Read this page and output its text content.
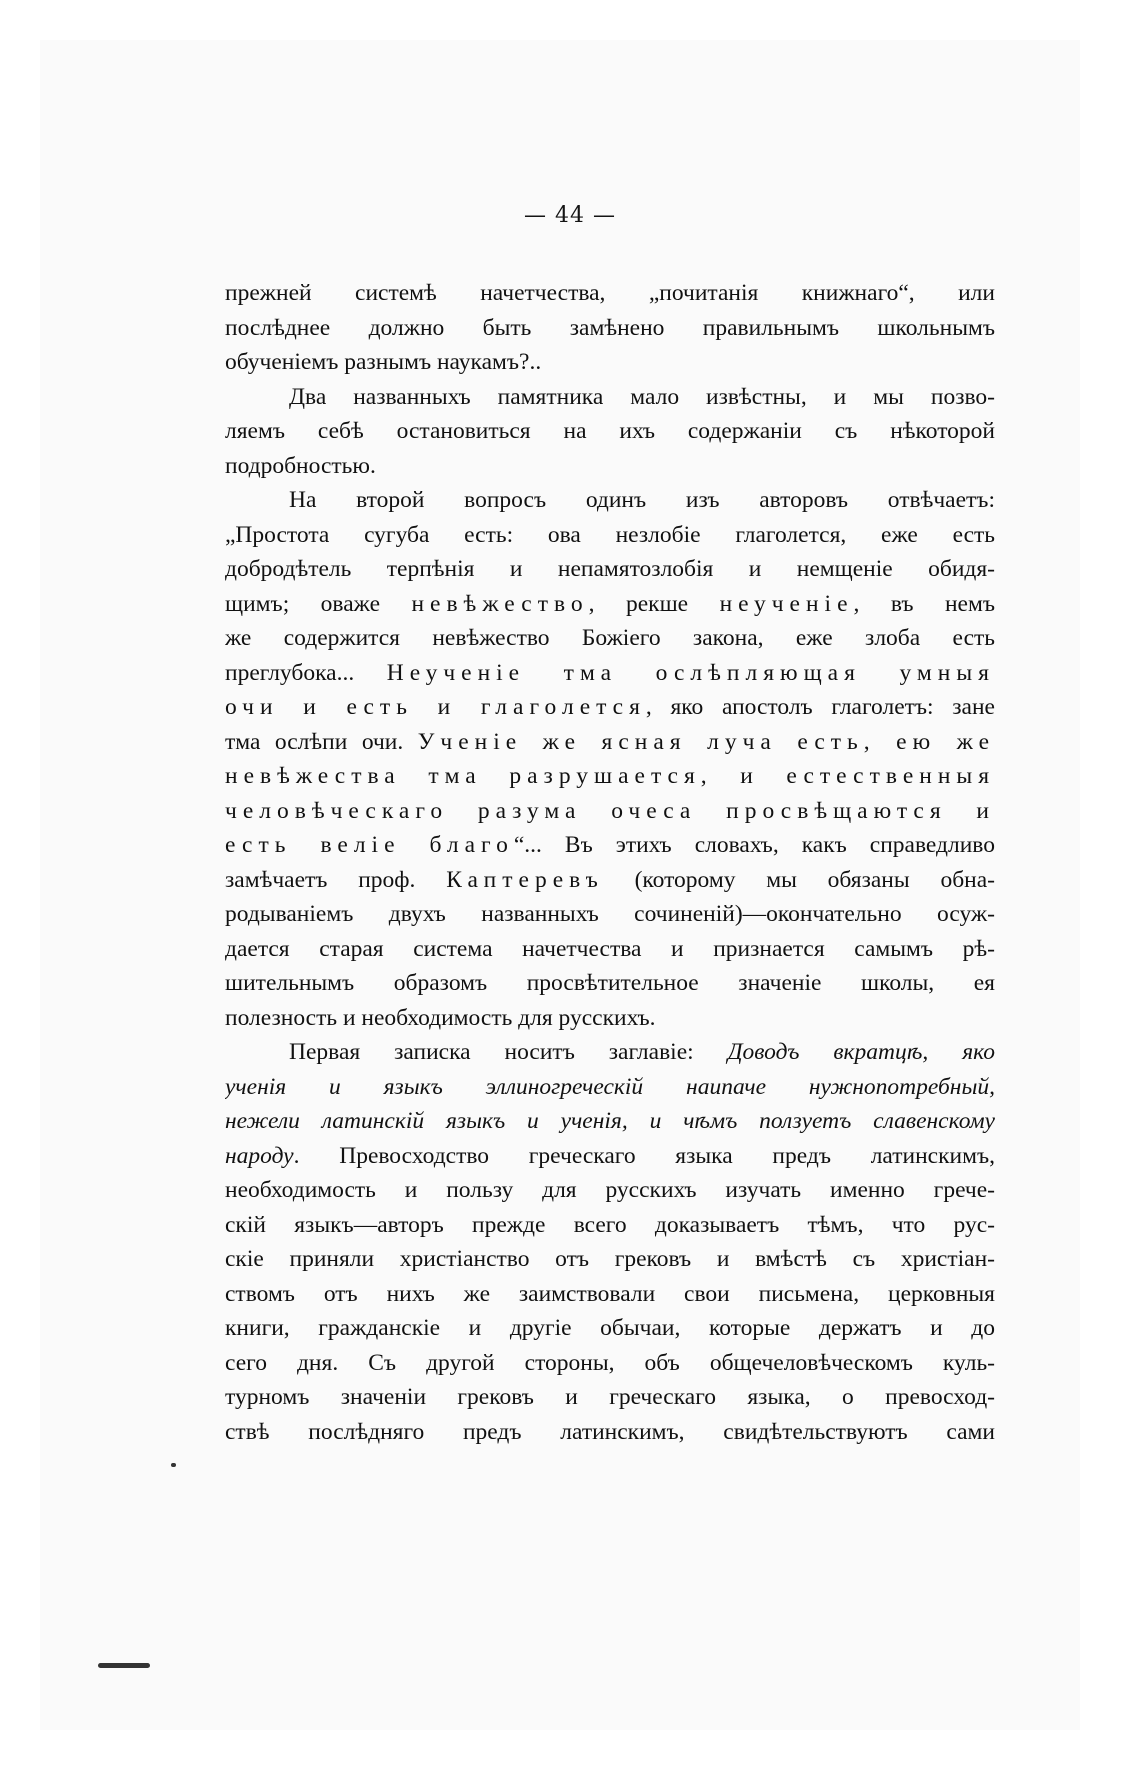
— 44 —
прежней системѣ начетчества, „почитанія книжнаго“, или
послѣднее должно быть замѣнено правильнымъ школьнымъ
обученіемъ разнымъ наукамъ?..
Два названныхъ памятника мало извѣстны, и мы позво-
ляемъ себѣ остановиться на ихъ содержаніи съ нѣкоторой
подробностью.
На второй вопросъ одинъ изъ авторовъ отвѣчаетъ:
„Простота сугуба есть: ова незлобіе глаголется, еже есть
добродѣтель терпѣнія и непамятозлобія и немщеніе обидя-
щимъ; оваже невѣжество, рекше неученіе, въ немъ
же содержится невѣжество Божіего закона, еже злоба есть
преглубока... Неученіе тма ослѣпляющая умныя
очи и есть и глаголется, яко апостолъ глаголетъ: зане
тма ослѣпи очи. Ученіе же ясная луча есть, ею же
невѣжества тма разрушается, и естественныя
человѣческаго разума очеса просвѣщаются и
есть веліе благо“... Въ этихъ словахъ, какъ справедливо
замѣчаетъ проф. Каптеревъ (которому мы обязаны обна-
родываніемъ двухъ названныхъ сочиненій)—окончательно осуж-
дается старая система начетчества и признается самымъ рѣ-
шительнымъ образомъ просвѣтительное значеніе школы, ея
полезность и необходимость для русскихъ.
Первая записка носитъ заглавіе: Доводъ вкратцѣ, яко
ученія и языкъ эллиногреческій наипаче нужнопотребный,
нежели латинскій языкъ и ученія, и чѣмъ ползуетъ славенскому
народу. Превосходство греческаго языка предъ латинскимъ,
необходимость и пользу для русскихъ изучать именно грече-
скій языкъ—авторъ прежде всего доказываетъ тѣмъ, что рус-
скіе приняли христіанство отъ грековъ и вмѣстѣ съ христіан-
ствомъ отъ нихъ же заимствовали свои письмена, церковныя
книги, гражданскіе и другіе обычаи, которые держатъ и до
сего дня. Съ другой стороны, объ общечеловѣческомъ куль-
турномъ значеніи грековъ и греческаго языка, о превосход-
ствѣ послѣдняго предъ латинскимъ, свидѣтельствуютъ сами
